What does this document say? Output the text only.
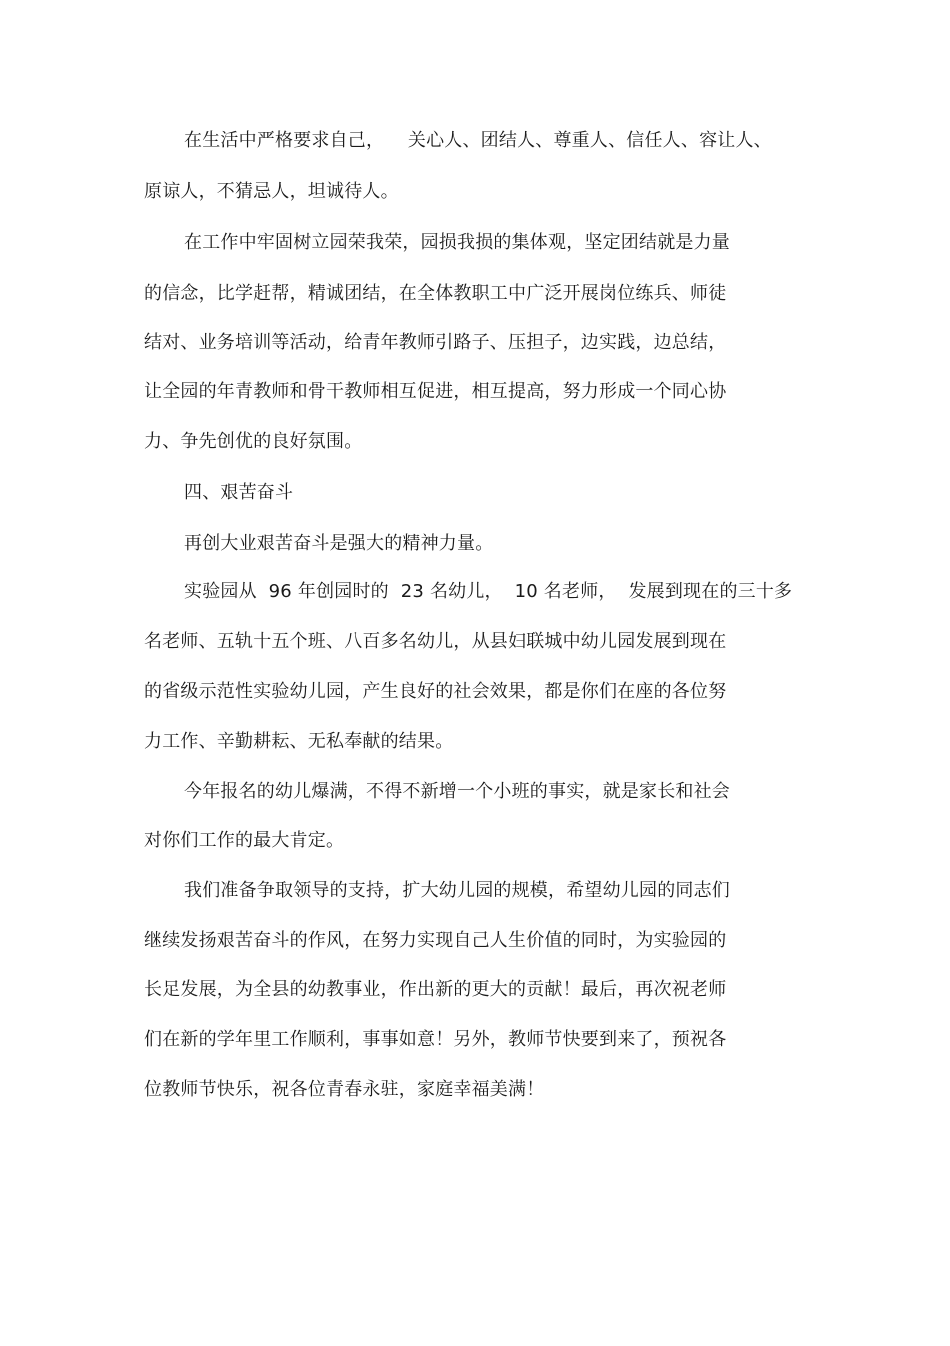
在生活中严格要求自己，    关心人、团结人、尊重人、信任人、容让人、

原谅人，不猜忌人，坦诚待人。

在工作中牢固树立园荣我荣，园损我损的集体观，坚定团结就是力量

的信念，比学赶帮，精诚团结，在全体教职工中广泛开展岗位练兵、师徒

结对、业务培训等活动，给青年教师引路子、压担子，边实践，边总结，

让全园的年青教师和骨干教师相互促进，相互提高，努力形成一个同心协

力、争先创优的良好氛围。

四、艰苦奋斗

再创大业艰苦奋斗是强大的精神力量。

实验园从  96 年创园时的  23 名幼儿，  10 名老师，  发展到现在的三十多

名老师、五轨十五个班、八百多名幼儿，从县妇联城中幼儿园发展到现在

的省级示范性实验幼儿园，产生良好的社会效果，都是你们在座的各位努

力工作、辛勤耕耘、无私奉献的结果。

今年报名的幼儿爆满，不得不新增一个小班的事实，就是家长和社会

对你们工作的最大肯定。

我们准备争取领导的支持，扩大幼儿园的规模，希望幼儿园的同志们

继续发扬艰苦奋斗的作风，在努力实现自己人生价值的同时，为实验园的

长足发展，为全县的幼教事业，作出新的更大的贡献！最后，再次祝老师

们在新的学年里工作顺利，事事如意！另外，教师节快要到来了，预祝各

位教师节快乐，祝各位青春永驻，家庭幸福美满！
